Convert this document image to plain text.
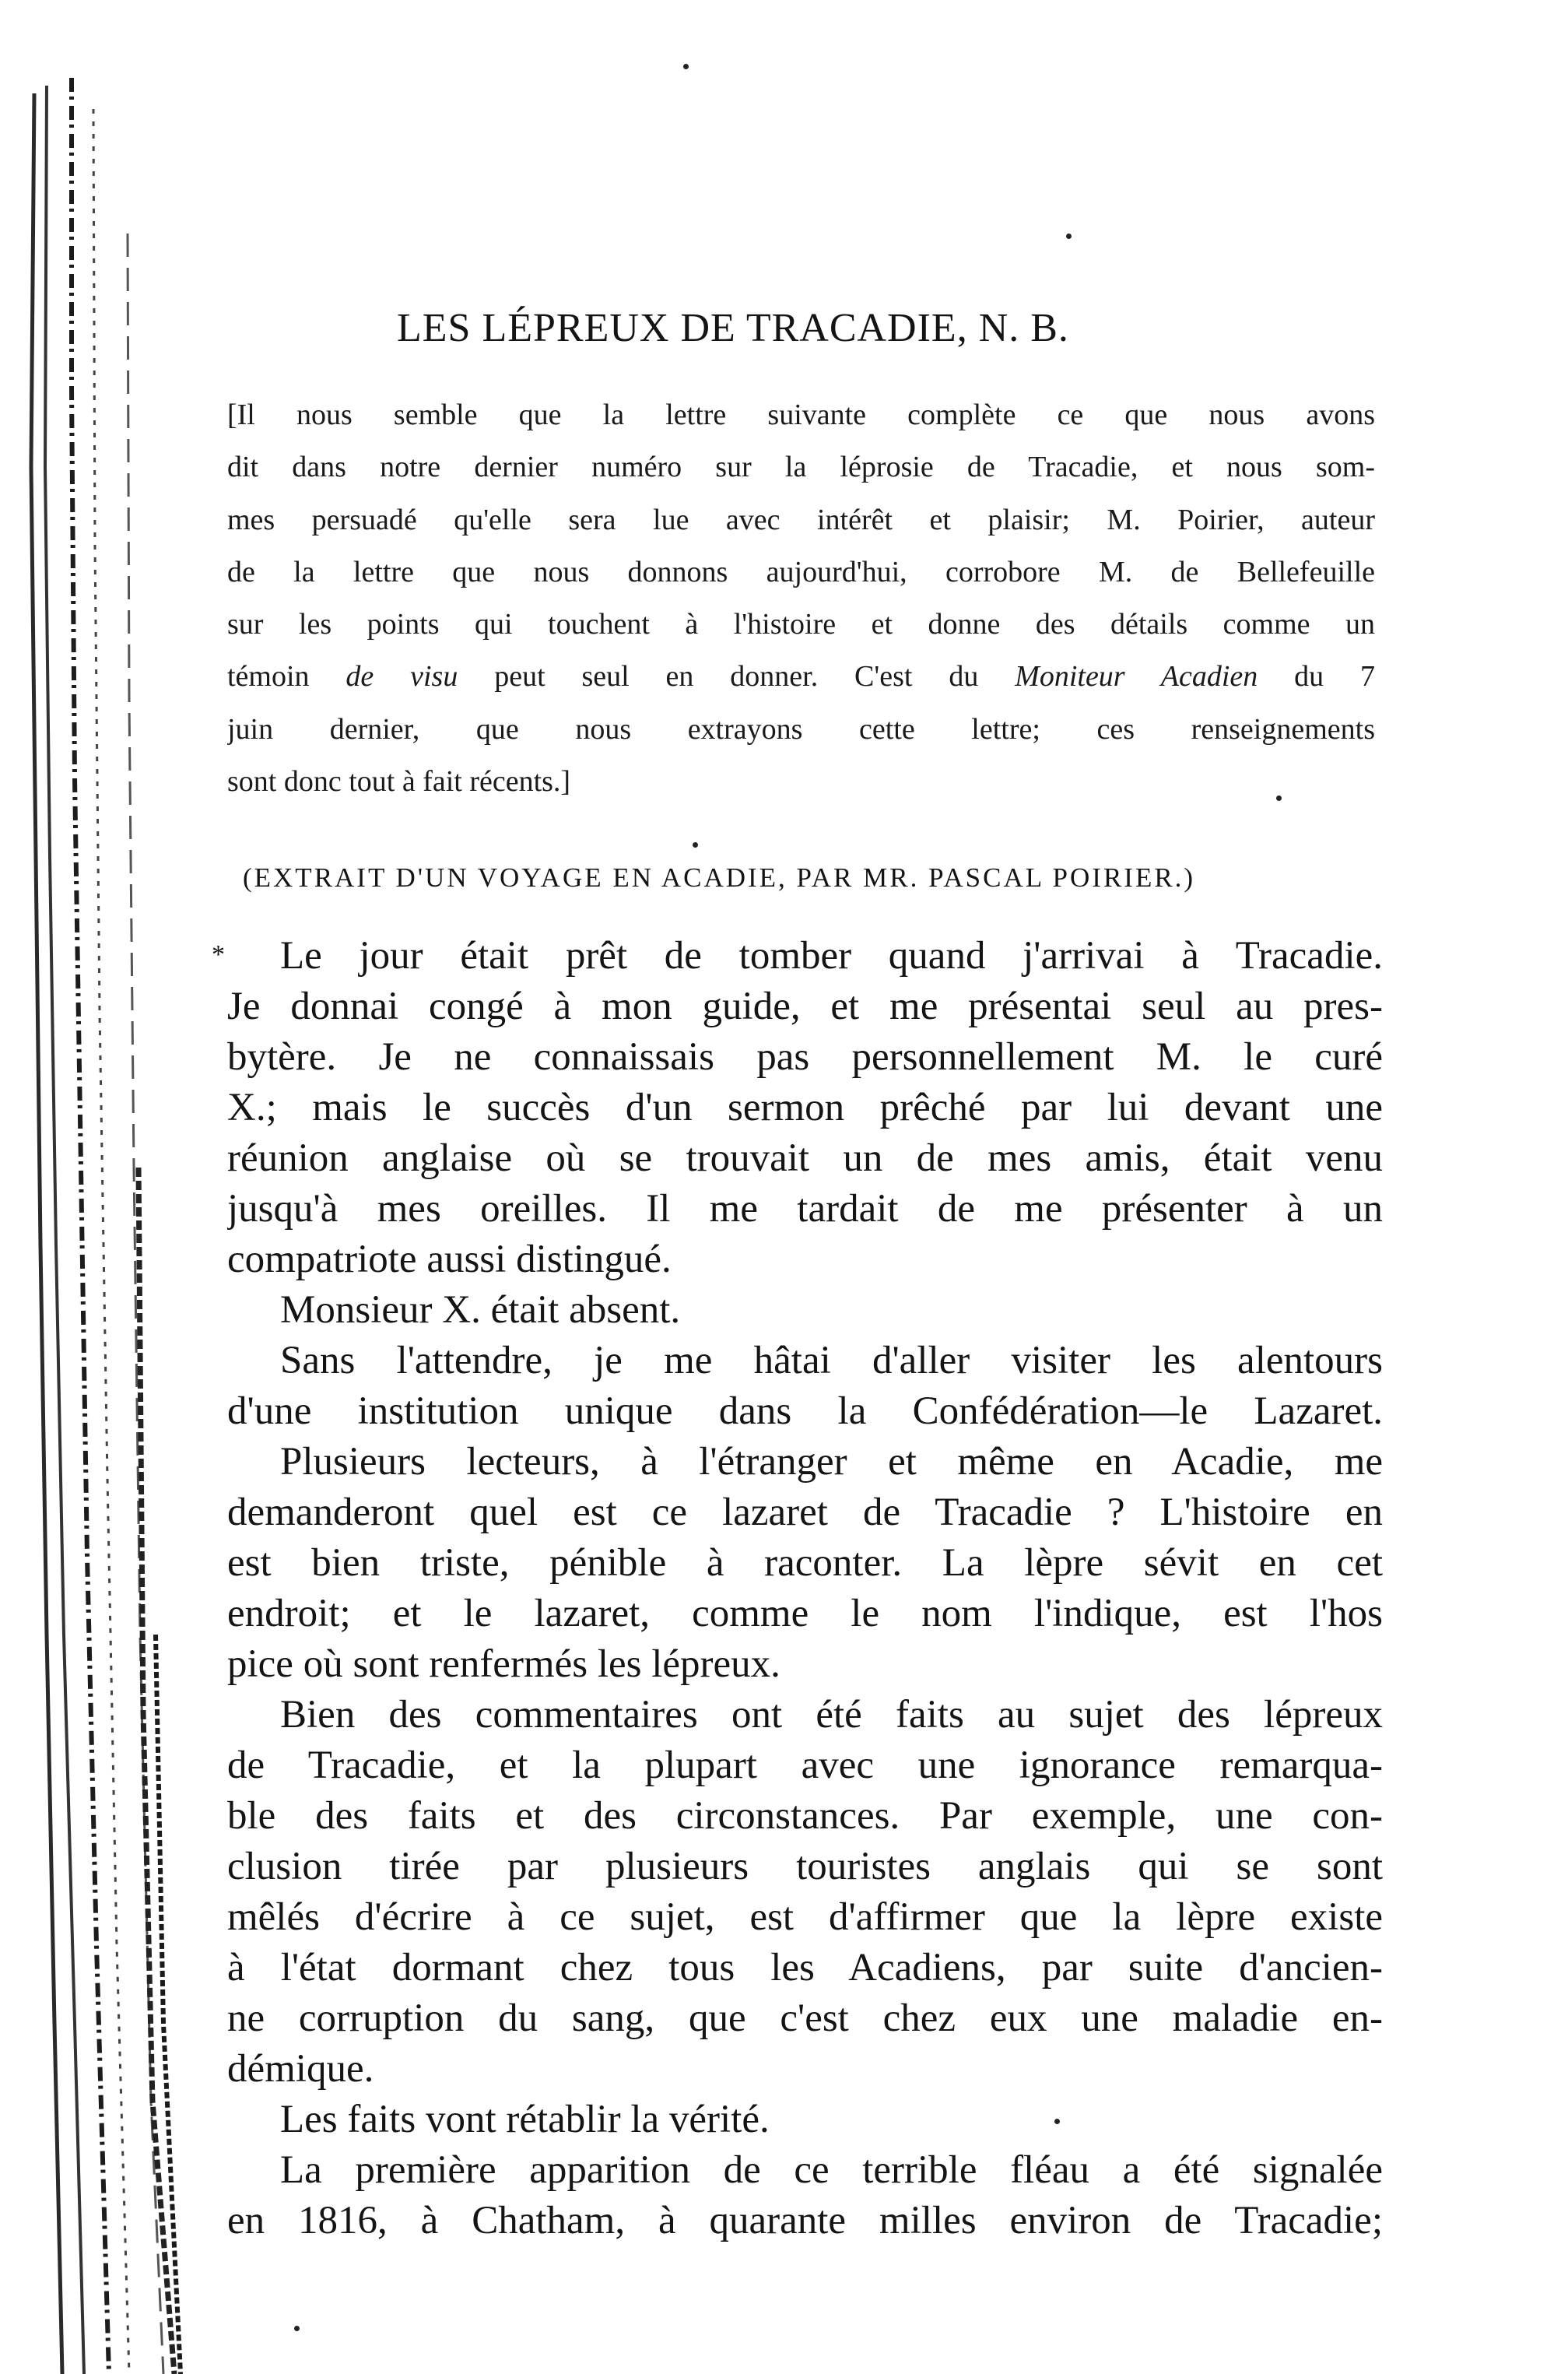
LES LÉPREUX DE TRACADIE, N. B.
[Il nous semble que la lettre suivante complète ce que nous avons
dit dans notre dernier numéro sur la léprosie de Tracadie, et nous som-
mes persuadé qu'elle sera lue avec intérêt et plaisir; M. Poirier, auteur
de la lettre que nous donnons aujourd'hui, corrobore M. de Bellefeuille
sur les points qui touchent à l'histoire et donne des détails comme un
témoin de visu peut seul en donner. C'est du Moniteur Acadien du 7
juin dernier, que nous extrayons cette lettre; ces renseignements
sont donc tout à fait récents.]
(EXTRAIT D'UN VOYAGE EN ACADIE, PAR MR. PASCAL POIRIER.)
*	Le jour était prêt de tomber quand j'arrivai à Tracadie.
Je donnai congé à mon guide, et me présentai seul au pres-
bytère. Je ne connaissais pas personnellement M. le curé
X.; mais le succès d'un sermon prêché par lui devant une
réunion anglaise où se trouvait un de mes amis, était venu
jusqu'à mes oreilles. Il me tardait de me présenter à un
compatriote aussi distingué.
Monsieur X. était absent.
Sans l'attendre, je me hâtai d'aller visiter les alentours
d'une institution unique dans la Confédération—le Lazaret.
Plusieurs lecteurs, à l'étranger et même en Acadie, me
demanderont quel est ce lazaret de Tracadie ? L'histoire en
est bien triste, pénible à raconter. La lèpre sévit en cet
endroit; et le lazaret, comme le nom l'indique, est l'hos
pice où sont renfermés les lépreux.
Bien des commentaires ont été faits au sujet des lépreux
de Tracadie, et la plupart avec une ignorance remarqua-
ble des faits et des circonstances. Par exemple, une con-
clusion tirée par plusieurs touristes anglais qui se sont
mêlés d'écrire à ce sujet, est d'affirmer que la lèpre existe
à l'état dormant chez tous les Acadiens, par suite d'ancien-
ne corruption du sang, que c'est chez eux une maladie en-
démique.
Les faits vont rétablir la vérité.
La première apparition de ce terrible fléau a été signalée
en 1816, à Chatham, à quarante milles environ de Tracadie;
